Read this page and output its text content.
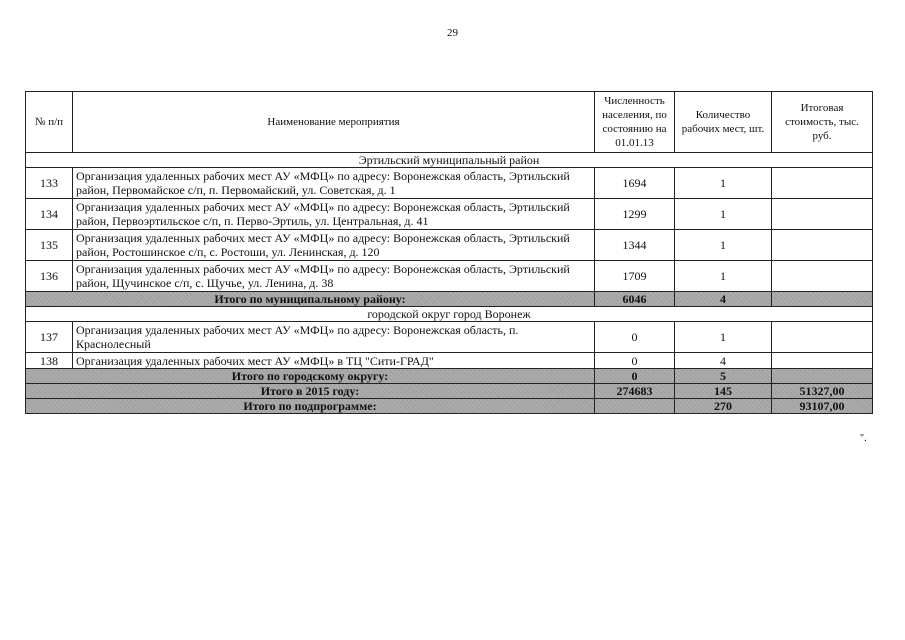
29
№ п/п	Наименование мероприятия	Численность населения, по состоянию на 01.01.13	Количество рабочих мест, шт.	Итоговая стоимость, тыс. руб.
Эртильский муниципальный район				
133	Организация удаленных рабочих мест АУ «МФЦ» по адресу: Воронежская область, Эртильский район, Первомайское с/п, п. Первомайский, ул. Советская, д. 1	1694	1	
134	Организация удаленных рабочих мест АУ «МФЦ» по адресу: Воронежская область, Эртильский район, Первоэртильское с/п, п. Перво-Эртиль, ул. Центральная, д. 41	1299	1	
135	Организация удаленных рабочих мест АУ «МФЦ» по адресу: Воронежская область, Эртильский район, Ростошинское с/п, с. Ростоши, ул. Ленинская, д. 120	1344	1	
136	Организация удаленных рабочих мест АУ «МФЦ» по адресу: Воронежская область, Эртильский район, Щучинское с/п, с. Щучье, ул. Ленина, д. 38	1709	1	
Итого по муниципальному району:		6046	4	
городской округ город Воронеж				
137	Организация удаленных рабочих мест АУ «МФЦ» по адресу: Воронежская область, п. Краснолесный	0	1	
138	Организация удаленных рабочих мест АУ «МФЦ» в ТЦ "Сити-ГРАД"	0	4	
Итого по городскому округу:		0	5	
Итого в 2015 году:		274683	145	51327,00
Итого по подпрограмме:			270	93107,00
".
